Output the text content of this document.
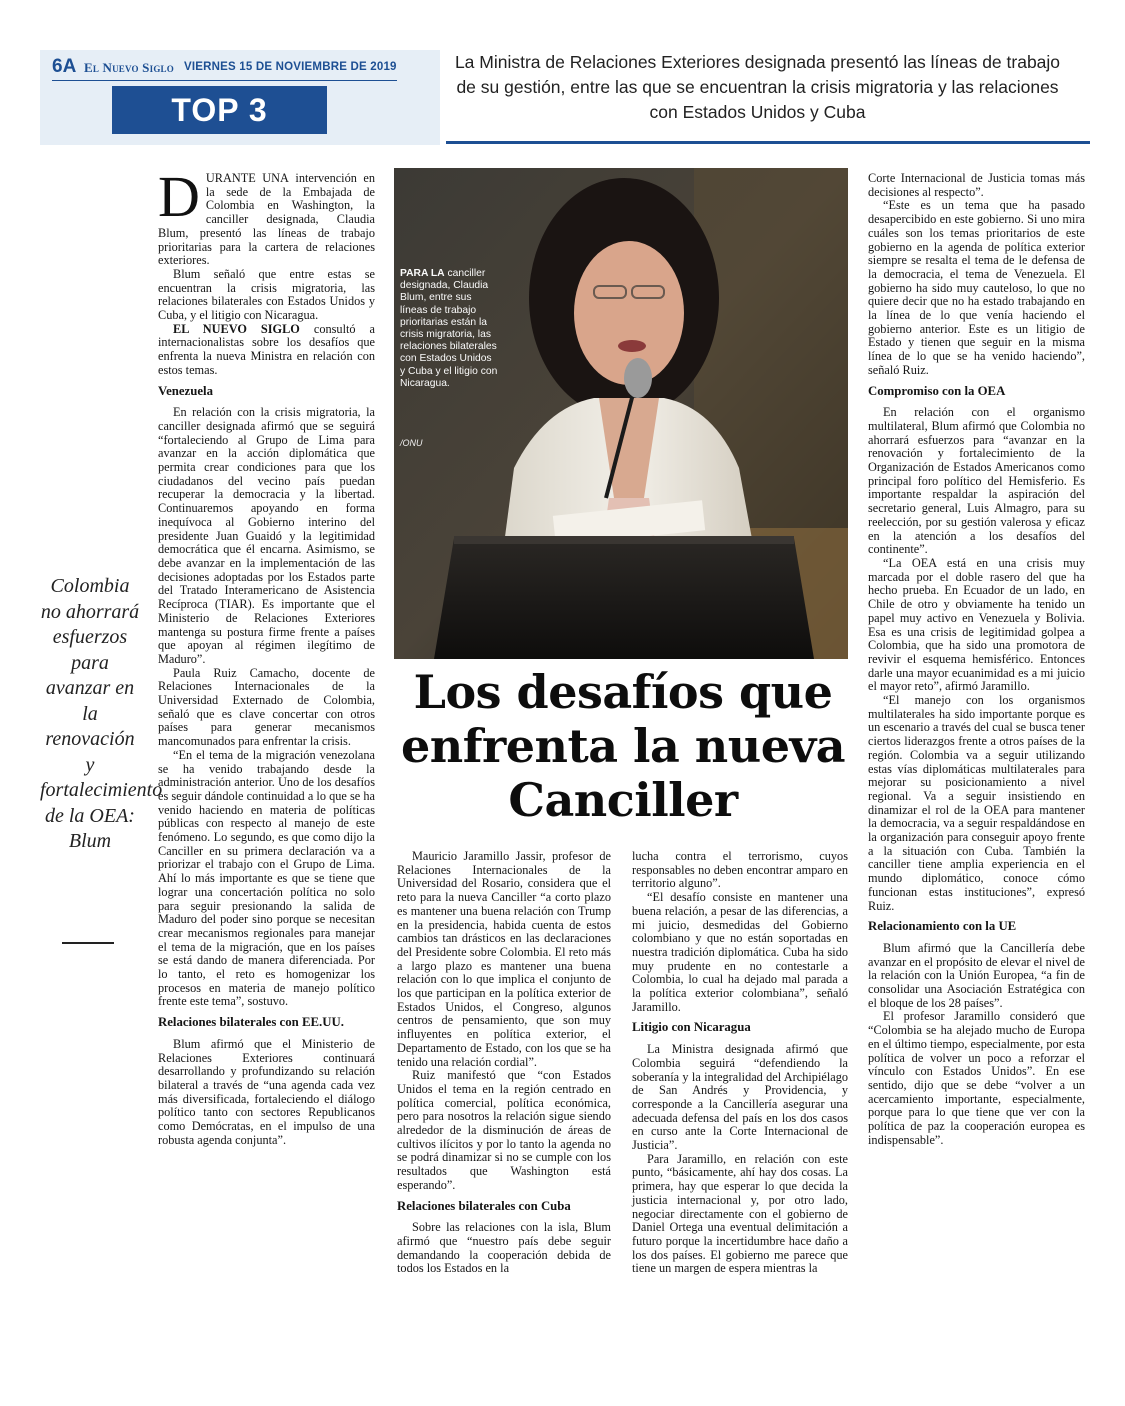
6A El Nuevo Siglo VIERNES 15 DE NOVIEMBRE DE 2019
TOP 3
La Ministra de Relaciones Exteriores designada presentó las líneas de trabajo de su gestión, entre las que se encuentran la crisis migratoria y las relaciones con Estados Unidos y Cuba
Colombia no ahorrará esfuerzos para avanzar en la renovación y fortalecimiento de la OEA: Blum

DURANTE UNA intervención en la sede de la Embajada de Colombia en Washington, la canciller designada, Claudia Blum, presentó las líneas de trabajo prioritarias para la cartera de relaciones exteriores.

Blum señaló que entre estas se encuentran la crisis migratoria, las relaciones bilaterales con Estados Unidos y Cuba, y el litigio con Nicaragua.

EL NUEVO SIGLO consultó a internacionalistas sobre los desafíos que enfrenta la nueva Ministra en relación con estos temas.

Venezuela

En relación con la crisis migratoria, la canciller designada afirmó que se seguirá “fortaleciendo al Grupo de Lima para avanzar en la acción diplomática que permita crear condiciones para que los ciudadanos del vecino país puedan recuperar la democracia y la libertad. Continuaremos apoyando en forma inequívoca al Gobierno interino del presidente Juan Guaidó y la legitimidad democrática que él encarna. Asimismo, se debe avanzar en la implementación de las decisiones adoptadas por los Estados parte del Tratado Interamericano de Asistencia Recíproca (TIAR). Es importante que el Ministerio de Relaciones Exteriores mantenga su postura firme frente a países que apoyan al régimen ilegítimo de Maduro”.

Paula Ruiz Camacho, docente de Relaciones Internacionales de la Universidad Externado de Colombia, señaló que es clave concertar con otros países para generar mecanismos mancomunados para enfrentar la crisis.

“En el tema de la migración venezolana se ha venido trabajando desde la administración anterior. Uno de los desafíos es seguir dándole continuidad a lo que se ha venido haciendo en materia de políticas públicas con respecto al manejo de este fenómeno. Lo segundo, es que como dijo la Canciller en su primera declaración va a priorizar el trabajo con el Grupo de Lima. Ahí lo más importante es que se tiene que lograr una concertación política no solo para seguir presionando la salida de Maduro del poder sino porque se necesitan crear mecanismos regionales para manejar el tema de la migración, que en los países se está dando de manera diferenciada. Por lo tanto, el reto es homogenizar los procesos en materia de manejo político frente este tema”, sostuvo.

Relaciones bilaterales con EE.UU.

Blum afirmó que el Ministerio de Relaciones Exteriores continuará desarrollando y profundizando su relación bilateral a través de “una agenda cada vez más diversificada, fortaleciendo el diálogo político tanto con sectores Republicanos como Demócratas, en el impulso de una robusta agenda conjunta”.

PARA LA canciller designada, Claudia Blum, entre sus líneas de trabajo prioritarias están la crisis migratoria, las relaciones bilaterales con Estados Unidos y Cuba y el litigio con Nicaragua.
/ONU
Los desafíos que enfrenta la nueva Canciller

Mauricio Jaramillo Jassir, profesor de Relaciones Internacionales de la Universidad del Rosario, considera que el reto para la nueva Canciller “a corto plazo es mantener una buena relación con Trump en la presidencia, habida cuenta de estos cambios tan drásticos en las declaraciones del Presidente sobre Colombia. El reto más a largo plazo es mantener una buena relación con lo que implica el conjunto de los que participan en la política exterior de Estados Unidos, el Congreso, algunos centros de pensamiento, que son muy influyentes en política exterior, el Departamento de Estado, con los que se ha tenido una relación cordial”.

Ruiz manifestó que “con Estados Unidos el tema en la región centrado en política comercial, política económica, pero para nosotros la relación sigue siendo alrededor de la disminución de áreas de cultivos ilícitos y por lo tanto la agenda no se podrá dinamizar si no se cumple con los resultados que Washington está esperando”.

Relaciones bilaterales con Cuba

Sobre las relaciones con la isla, Blum afirmó que “nuestro país debe seguir demandando la cooperación debida de todos los Estados en la

lucha contra el terrorismo, cuyos responsables no deben encontrar amparo en territorio alguno”.

“El desafío consiste en mantener una buena relación, a pesar de las diferencias, a mi juicio, desmedidas del Gobierno colombiano y que no están soportadas en nuestra tradición diplomática. Cuba ha sido muy prudente en no contestarle a Colombia, lo cual ha dejado mal parada a la política exterior colombiana”, señaló Jaramillo.

Litigio con Nicaragua

La Ministra designada afirmó que Colombia seguirá “defendiendo la soberanía y la integralidad del Archipiélago de San Andrés y Providencia, y corresponde a la Cancillería asegurar una adecuada defensa del país en los dos casos en curso ante la Corte Internacional de Justicia”.

Para Jaramillo, en relación con este punto, “básicamente, ahí hay dos cosas. La primera, hay que esperar lo que decida la justicia internacional y, por otro lado, negociar directamente con el gobierno de Daniel Ortega una eventual delimitación a futuro porque la incertidumbre hace daño a los dos países. El gobierno me parece que tiene un margen de espera mientras la

Corte Internacional de Justicia tomas más decisiones al respecto”.

“Este es un tema que ha pasado desapercibido en este gobierno. Si uno mira cuáles son los temas prioritarios de este gobierno en la agenda de política exterior siempre se resalta el tema de le defensa de la democracia, el tema de Venezuela. El gobierno ha sido muy cauteloso, lo que no quiere decir que no ha estado trabajando en la línea de lo que venía haciendo el gobierno anterior. Este es un litigio de Estado y tienen que seguir en la misma línea de lo que se ha venido haciendo”, señaló Ruiz.

Compromiso con la OEA

En relación con el organismo multilateral, Blum afirmó que Colombia no ahorrará esfuerzos para “avanzar en la renovación y fortalecimiento de la Organización de Estados Americanos como principal foro político del Hemisferio. Es importante respaldar la aspiración del secretario general, Luis Almagro, para su reelección, por su gestión valerosa y eficaz en la atención a los desafíos del continente”.

“La OEA está en una crisis muy marcada por el doble rasero del que ha hecho prueba. En Ecuador de un lado, en Chile de otro y obviamente ha tenido un papel muy activo en Venezuela y Bolivia. Esa es una crisis de legitimidad golpea a Colombia, que ha sido una promotora de revivir el esquema hemisférico. Entonces darle una mayor ecuanimidad es a mi juicio el mayor reto”, afirmó Jaramillo.

“El manejo con los organismos multilaterales ha sido importante porque es un escenario a través del cual se busca tener ciertos liderazgos frente a otros países de la región. Colombia va a seguir utilizando estas vías diplomáticas multilaterales para mejorar su posicionamiento a nivel regional. Va a seguir insistiendo en dinamizar el rol de la OEA para mantener la democracia, va a seguir respaldándose en la organización para conseguir apoyo frente a la situación con Cuba. También la canciller tiene amplia experiencia en el mundo diplomático, conoce cómo funcionan estas instituciones”, expresó Ruiz.

Relacionamiento con la UE

Blum afirmó que la Cancillería debe avanzar en el propósito de elevar el nivel de la relación con la Unión Europea, “a fin de consolidar una Asociación Estratégica con el bloque de los 28 países”.

El profesor Jaramillo consideró que “Colombia se ha alejado mucho de Europa en el último tiempo, especialmente, por esta política de volver un poco a reforzar el vínculo con Estados Unidos”. En ese sentido, dijo que se debe “volver a un acercamiento importante, especialmente, porque para lo que tiene que ver con la política de paz la cooperación europea es indispensable”.
